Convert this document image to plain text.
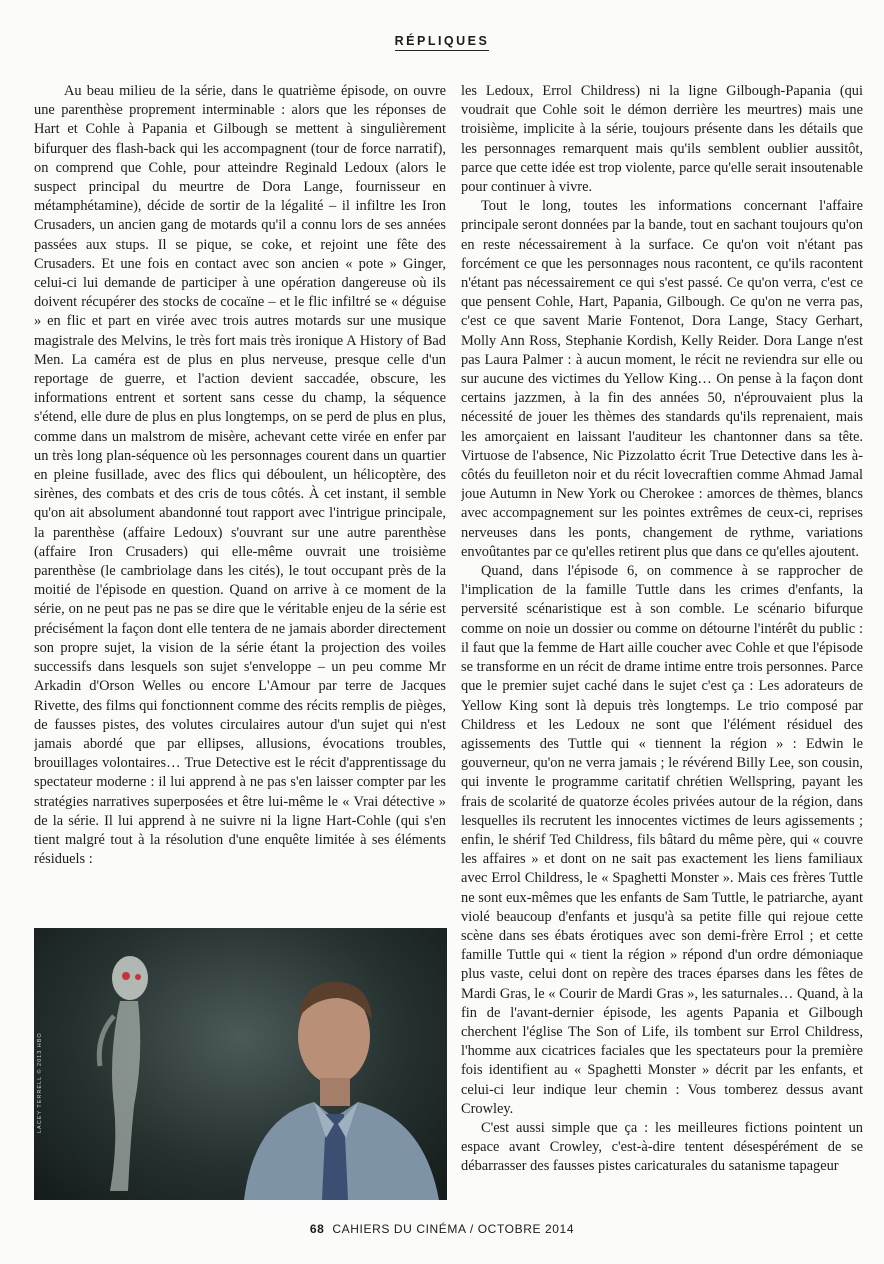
RÉPLIQUES

Au beau milieu de la série, dans le quatrième épisode, on ouvre une parenthèse proprement interminable : alors que les réponses de Hart et Cohle à Papania et Gilbough se mettent à singulièrement bifurquer des flash-back qui les accompagnent (tour de force narratif), on comprend que Cohle, pour atteindre Reginald Ledoux (alors le suspect principal du meurtre de Dora Lange, fournisseur en métamphétamine), décide de sortir de la légalité – il infiltre les Iron Crusaders, un ancien gang de motards qu'il a connu lors de ses années passées aux stups. Il se pique, se coke, et rejoint une fête des Crusaders. Et une fois en contact avec son ancien « pote » Ginger, celui-ci lui demande de participer à une opération dangereuse où ils doivent récupérer des stocks de cocaïne – et le flic infiltré se « déguise » en flic et part en virée avec trois autres motards sur une musique magistrale des Melvins, le très fort mais très ironique A History of Bad Men. La caméra est de plus en plus nerveuse, presque celle d'un reportage de guerre, et l'action devient saccadée, obscure, les informations entrent et sortent sans cesse du champ, la séquence s'étend, elle dure de plus en plus longtemps, on se perd de plus en plus, comme dans un malstrom de misère, achevant cette virée en enfer par un très long plan-séquence où les personnages courent dans un quartier en pleine fusillade, avec des flics qui déboulent, un hélicoptère, des sirènes, des combats et des cris de tous côtés. À cet instant, il semble qu'on ait absolument abandonné tout rapport avec l'intrigue principale, la parenthèse (affaire Ledoux) s'ouvrant sur une autre parenthèse (affaire Iron Crusaders) qui elle-même ouvrait une troisième parenthèse (le cambriolage dans les cités), le tout occupant près de la moitié de l'épisode en question. Quand on arrive à ce moment de la série, on ne peut pas ne pas se dire que le véritable enjeu de la série est précisément la façon dont elle tentera de ne jamais aborder directement son propre sujet, la vision de la série étant la projection des voiles successifs dans lesquels son sujet s'enveloppe – un peu comme Mr Arkadin d'Orson Welles ou encore L'Amour par terre de Jacques Rivette, des films qui fonctionnent comme des récits remplis de pièges, de fausses pistes, des volutes circulaires autour d'un sujet qui n'est jamais abordé que par ellipses, allusions, évocations troubles, brouillages volontaires… True Detective est le récit d'apprentissage du spectateur moderne : il lui apprend à ne pas s'en laisser compter par les stratégies narratives superposées et être lui-même le « Vrai détective » de la série. Il lui apprend à ne suivre ni la ligne Hart-Cohle (qui s'en tient malgré tout à la résolution d'une enquête limitée à ses éléments résiduels :

les Ledoux, Errol Childress) ni la ligne Gilbough-Papania (qui voudrait que Cohle soit le démon derrière les meurtres) mais une troisième, implicite à la série, toujours présente dans les détails que les personnages remarquent mais qu'ils semblent oublier aussitôt, parce que cette idée est trop violente, parce qu'elle serait insoutenable pour continuer à vivre.

Tout le long, toutes les informations concernant l'affaire principale seront données par la bande, tout en sachant toujours qu'on en reste nécessairement à la surface. Ce qu'on voit n'étant pas forcément ce que les personnages nous racontent, ce qu'ils racontent n'étant pas nécessairement ce qui s'est passé. Ce qu'on verra, c'est ce que pensent Cohle, Hart, Papania, Gilbough. Ce qu'on ne verra pas, c'est ce que savent Marie Fontenot, Dora Lange, Stacy Gerhart, Molly Ann Ross, Stephanie Kordish, Kelly Reider. Dora Lange n'est pas Laura Palmer : à aucun moment, le récit ne reviendra sur elle ou sur aucune des victimes du Yellow King… On pense à la façon dont certains jazzmen, à la fin des années 50, n'éprouvaient plus la nécessité de jouer les thèmes des standards qu'ils reprenaient, mais les amorçaient en laissant l'auditeur les chantonner dans sa tête. Virtuose de l'absence, Nic Pizzolatto écrit True Detective dans les à-côtés du feuilleton noir et du récit lovecraftien comme Ahmad Jamal joue Autumn in New York ou Cherokee : amorces de thèmes, blancs avec accompagnement sur les pointes extrêmes de ceux-ci, reprises nerveuses dans les ponts, changement de rythme, variations envoûtantes par ce qu'elles retirent plus que dans ce qu'elles ajoutent.

Quand, dans l'épisode 6, on commence à se rapprocher de l'implication de la famille Tuttle dans les crimes d'enfants, la perversité scénaristique est à son comble. Le scénario bifurque comme on noie un dossier ou comme on détourne l'intérêt du public : il faut que la femme de Hart aille coucher avec Cohle et que l'épisode se transforme en un récit de drame intime entre trois personnes. Parce que le premier sujet caché dans le sujet c'est ça : Les adorateurs de Yellow King sont là depuis très longtemps. Le trio composé par Childress et les Ledoux ne sont que l'élément résiduel des agissements des Tuttle qui « tiennent la région » : Edwin le gouverneur, qu'on ne verra jamais ; le révérend Billy Lee, son cousin, qui invente le programme caritatif chrétien Wellspring, payant les frais de scolarité de quatorze écoles privées autour de la région, dans lesquelles ils recrutent les innocentes victimes de leurs agissements ; enfin, le shérif Ted Childress, fils bâtard du même père, qui « couvre les affaires » et dont on ne sait pas exactement les liens familiaux avec Errol Childress, le « Spaghetti Monster ». Mais ces frères Tuttle ne sont eux-mêmes que les enfants de Sam Tuttle, le patriarche, ayant violé beaucoup d'enfants et jusqu'à sa petite fille qui rejoue cette scène dans ses ébats érotiques avec son demi-frère Errol ; et cette famille Tuttle qui « tient la région » répond d'un ordre démoniaque plus vaste, celui dont on repère des traces éparses dans les fêtes de Mardi Gras, le « Courir de Mardi Gras », les saturnales… Quand, à la fin de l'avant-dernier épisode, les agents Papania et Gilbough cherchent l'église The Son of Life, ils tombent sur Errol Childress, l'homme aux cicatrices faciales que les spectateurs pour la première fois identifient au « Spaghetti Monster » décrit par les enfants, et celui-ci leur indique leur chemin : Vous tomberez dessus avant Crowley.

C'est aussi simple que ça : les meilleures fictions pointent un espace avant Crowley, c'est-à-dire tentent désespérément de se débarrasser des fausses pistes caricaturales du satanisme tapageur

LACEY TERRELL © 2013 HBO
68 CAHIERS DU CINÉMA / OCTOBRE 2014
